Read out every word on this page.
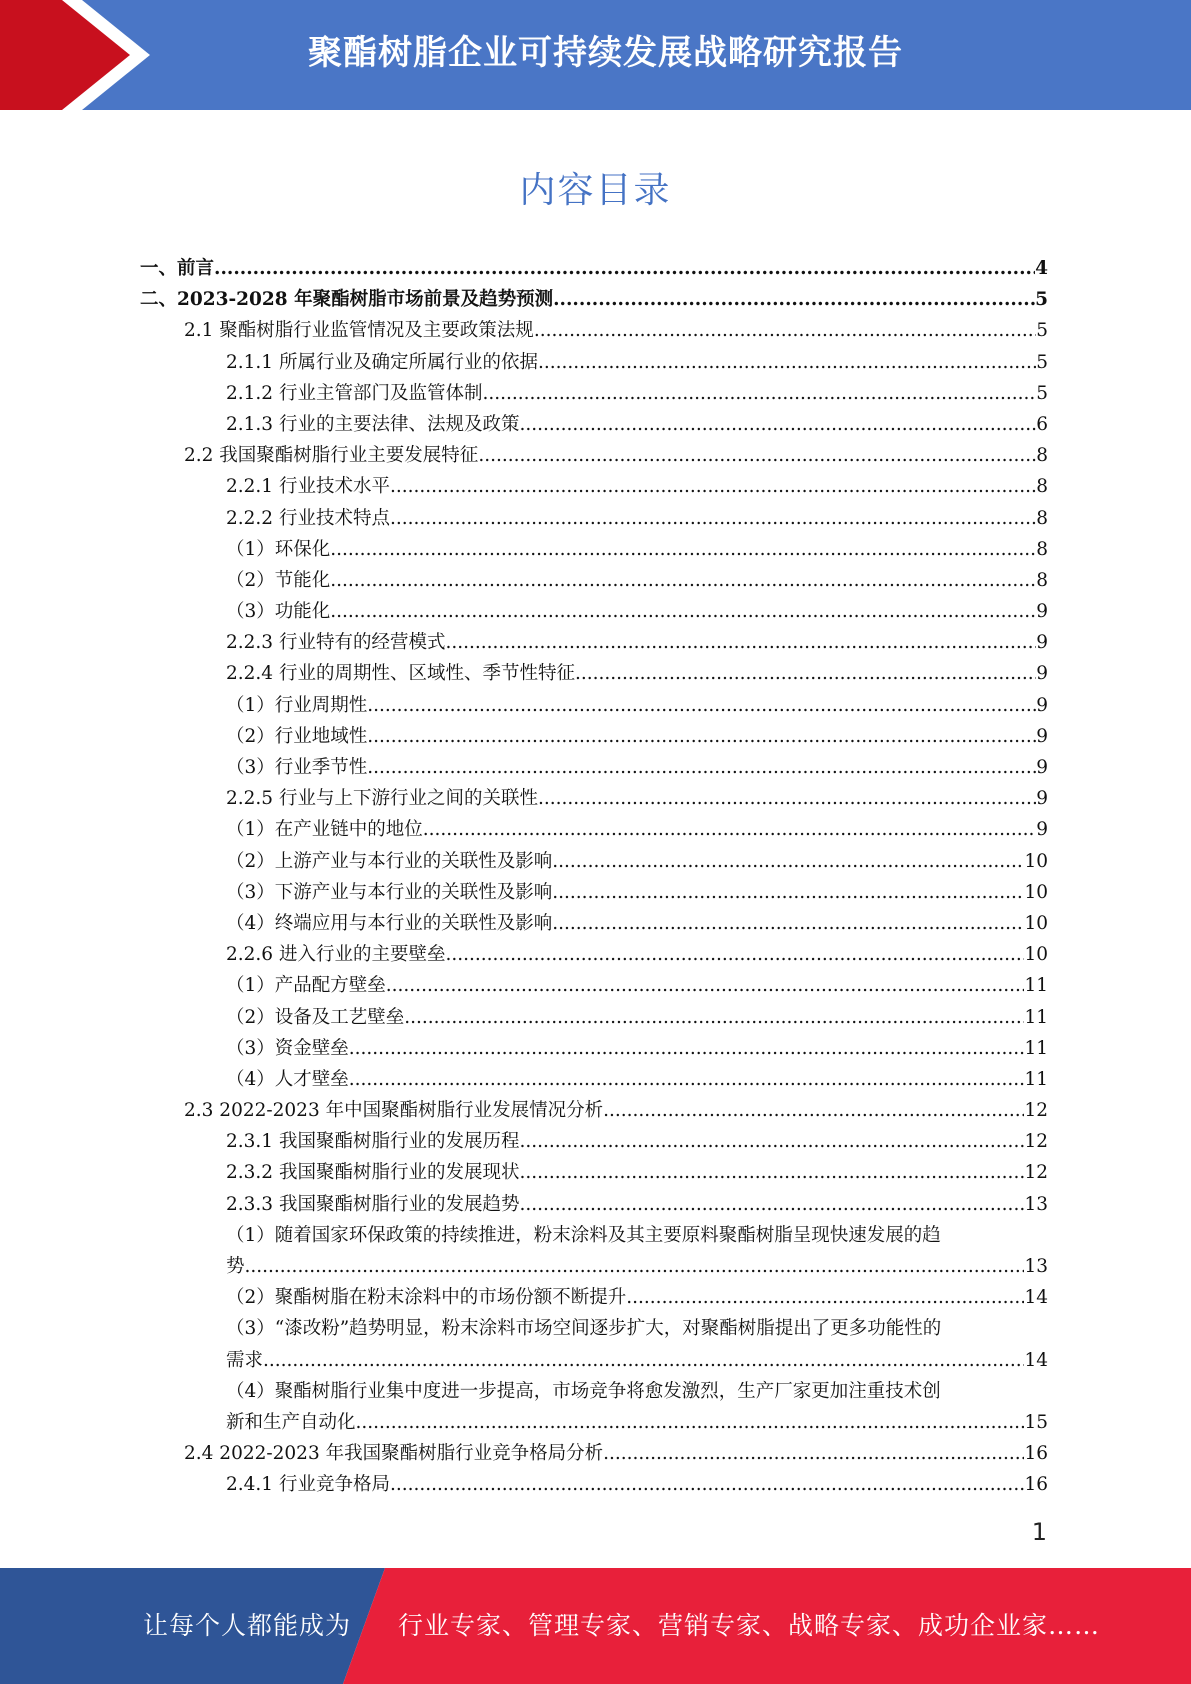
聚酯树脂企业可持续发展战略研究报告
内容目录
一、前言 .....	4
二、2023-2028 年聚酯树脂市场前景及趋势预测 .....	5
2.1 聚酯树脂行业监管情况及主要政策法规 .....	5
2.1.1 所属行业及确定所属行业的依据 .....	5
2.1.2 行业主管部门及监管体制 .....	5
2.1.3 行业的主要法律、法规及政策 .....	6
2.2 我国聚酯树脂行业主要发展特征 .....	8
2.2.1 行业技术水平 .....	8
2.2.2 行业技术特点 .....	8
（1）环保化 .....	8
（2）节能化 .....	8
（3）功能化 .....	9
2.2.3 行业特有的经营模式 .....	9
2.2.4 行业的周期性、区域性、季节性特征 .....	9
（1）行业周期性 .....	9
（2）行业地域性 .....	9
（3）行业季节性 .....	9
2.2.5 行业与上下游行业之间的关联性 .....	9
（1）在产业链中的地位 .....	9
（2）上游产业与本行业的关联性及影响 .....	10
（3）下游产业与本行业的关联性及影响 .....	10
（4）终端应用与本行业的关联性及影响 .....	10
2.2.6 进入行业的主要壁垒 .....	10
（1）产品配方壁垒 .....	11
（2）设备及工艺壁垒 .....	11
（3）资金壁垒 .....	11
（4）人才壁垒 .....	11
2.3 2022-2023 年中国聚酯树脂行业发展情况分析 .....	12
2.3.1 我国聚酯树脂行业的发展历程 .....	12
2.3.2 我国聚酯树脂行业的发展现状 .....	12
2.3.3 我国聚酯树脂行业的发展趋势 .....	13
（1）随着国家环保政策的持续推进，粉末涂料及其主要原料聚酯树脂呈现快速发展的趋
势 .....	13
（2）聚酯树脂在粉末涂料中的市场份额不断提升 .....	14
（3）“漆改粉”趋势明显，粉末涂料市场空间逐步扩大，对聚酯树脂提出了更多功能性的
需求 .....	14
（4）聚酯树脂行业集中度进一步提高，市场竞争将愈发激烈，生产厂家更加注重技术创
新和生产自动化 .....	15
2.4 2022-2023 年我国聚酯树脂行业竞争格局分析 .....	16
2.4.1 行业竞争格局 .....	16
1
让每个人都能成为 行业专家、管理专家、营销专家、战略专家、成功企业家……
